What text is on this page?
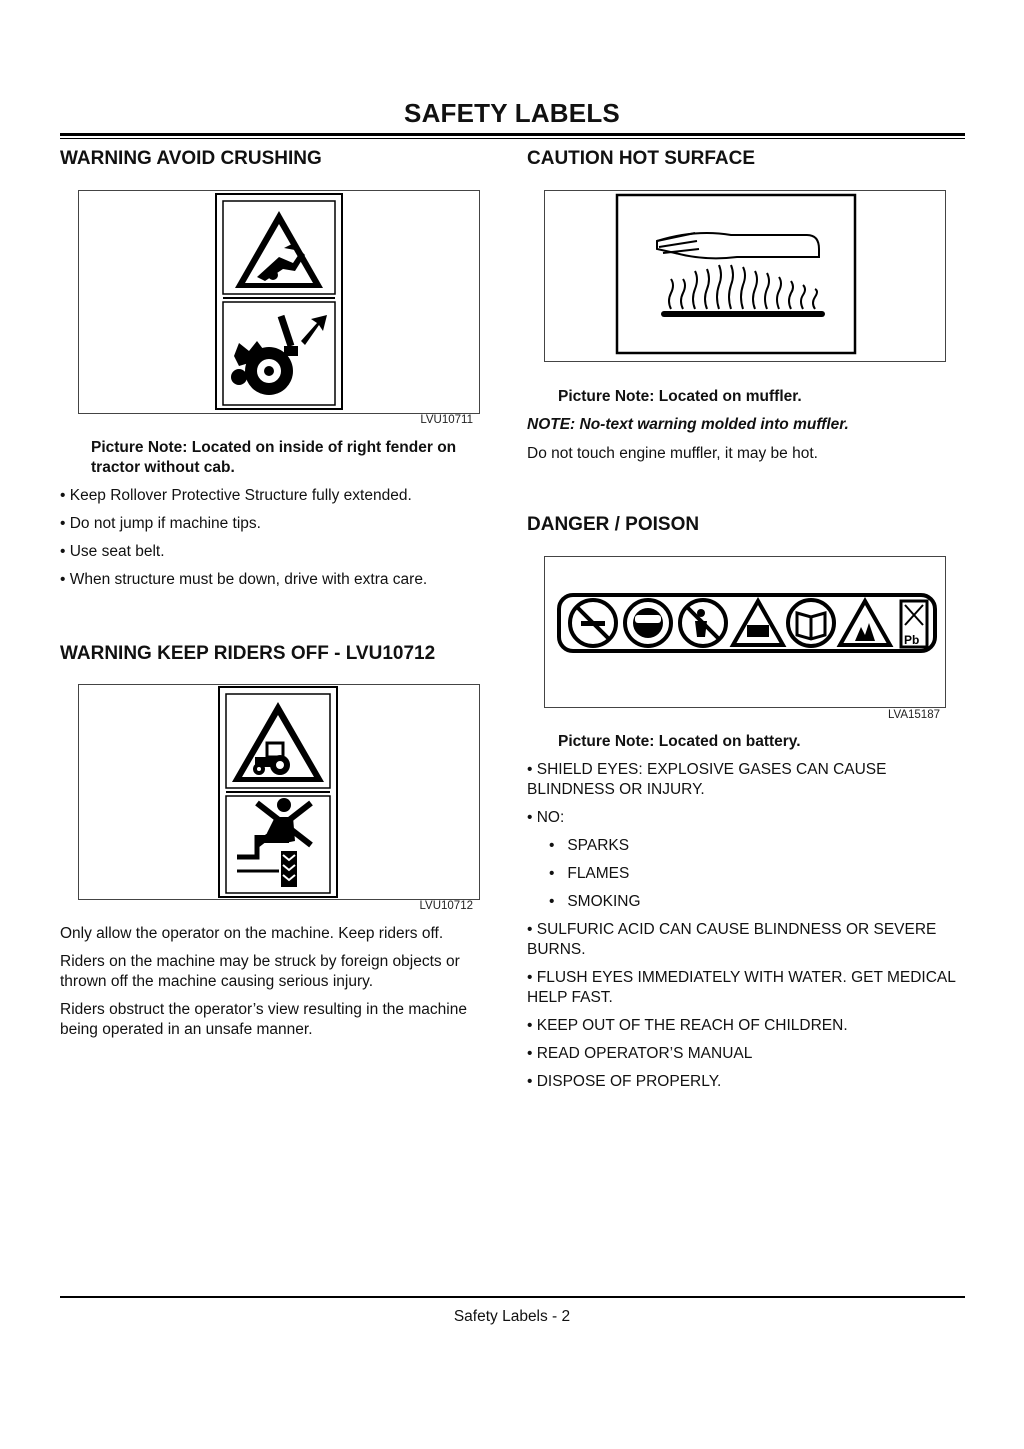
SAFETY LABELS
WARNING AVOID CRUSHING
LVU10711
Picture Note: Located on inside of right fender on tractor without cab.

• Keep Rollover Protective Structure fully extended.

• Do not jump if machine tips.

• Use seat belt.

• When structure must be down, drive with extra care.

WARNING KEEP RIDERS OFF - LVU10712
LVU10712

Only allow the operator on the machine. Keep riders off.

Riders on the machine may be struck by foreign objects or thrown off the machine causing serious injury.

Riders obstruct the operator’s view resulting in the machine being operated in an unsafe manner.

CAUTION HOT SURFACE
Picture Note: Located on muffler.
NOTE: No-text warning molded into muffler.
Do not touch engine muffler, it may be hot.
DANGER / POISON
Pb
LVA15187
Picture Note: Located on battery.

• SHIELD EYES: EXPLOSIVE GASES CAN CAUSE BLINDNESS OR INJURY.

• NO:

•   SPARKS

•   FLAMES

•   SMOKING

• SULFURIC ACID CAN CAUSE BLINDNESS OR SEVERE BURNS.

• FLUSH EYES IMMEDIATELY WITH WATER. GET MEDICAL HELP FAST.

• KEEP OUT OF THE REACH OF CHILDREN.

• READ OPERATOR’S MANUAL

• DISPOSE OF PROPERLY.

Safety Labels - 2
